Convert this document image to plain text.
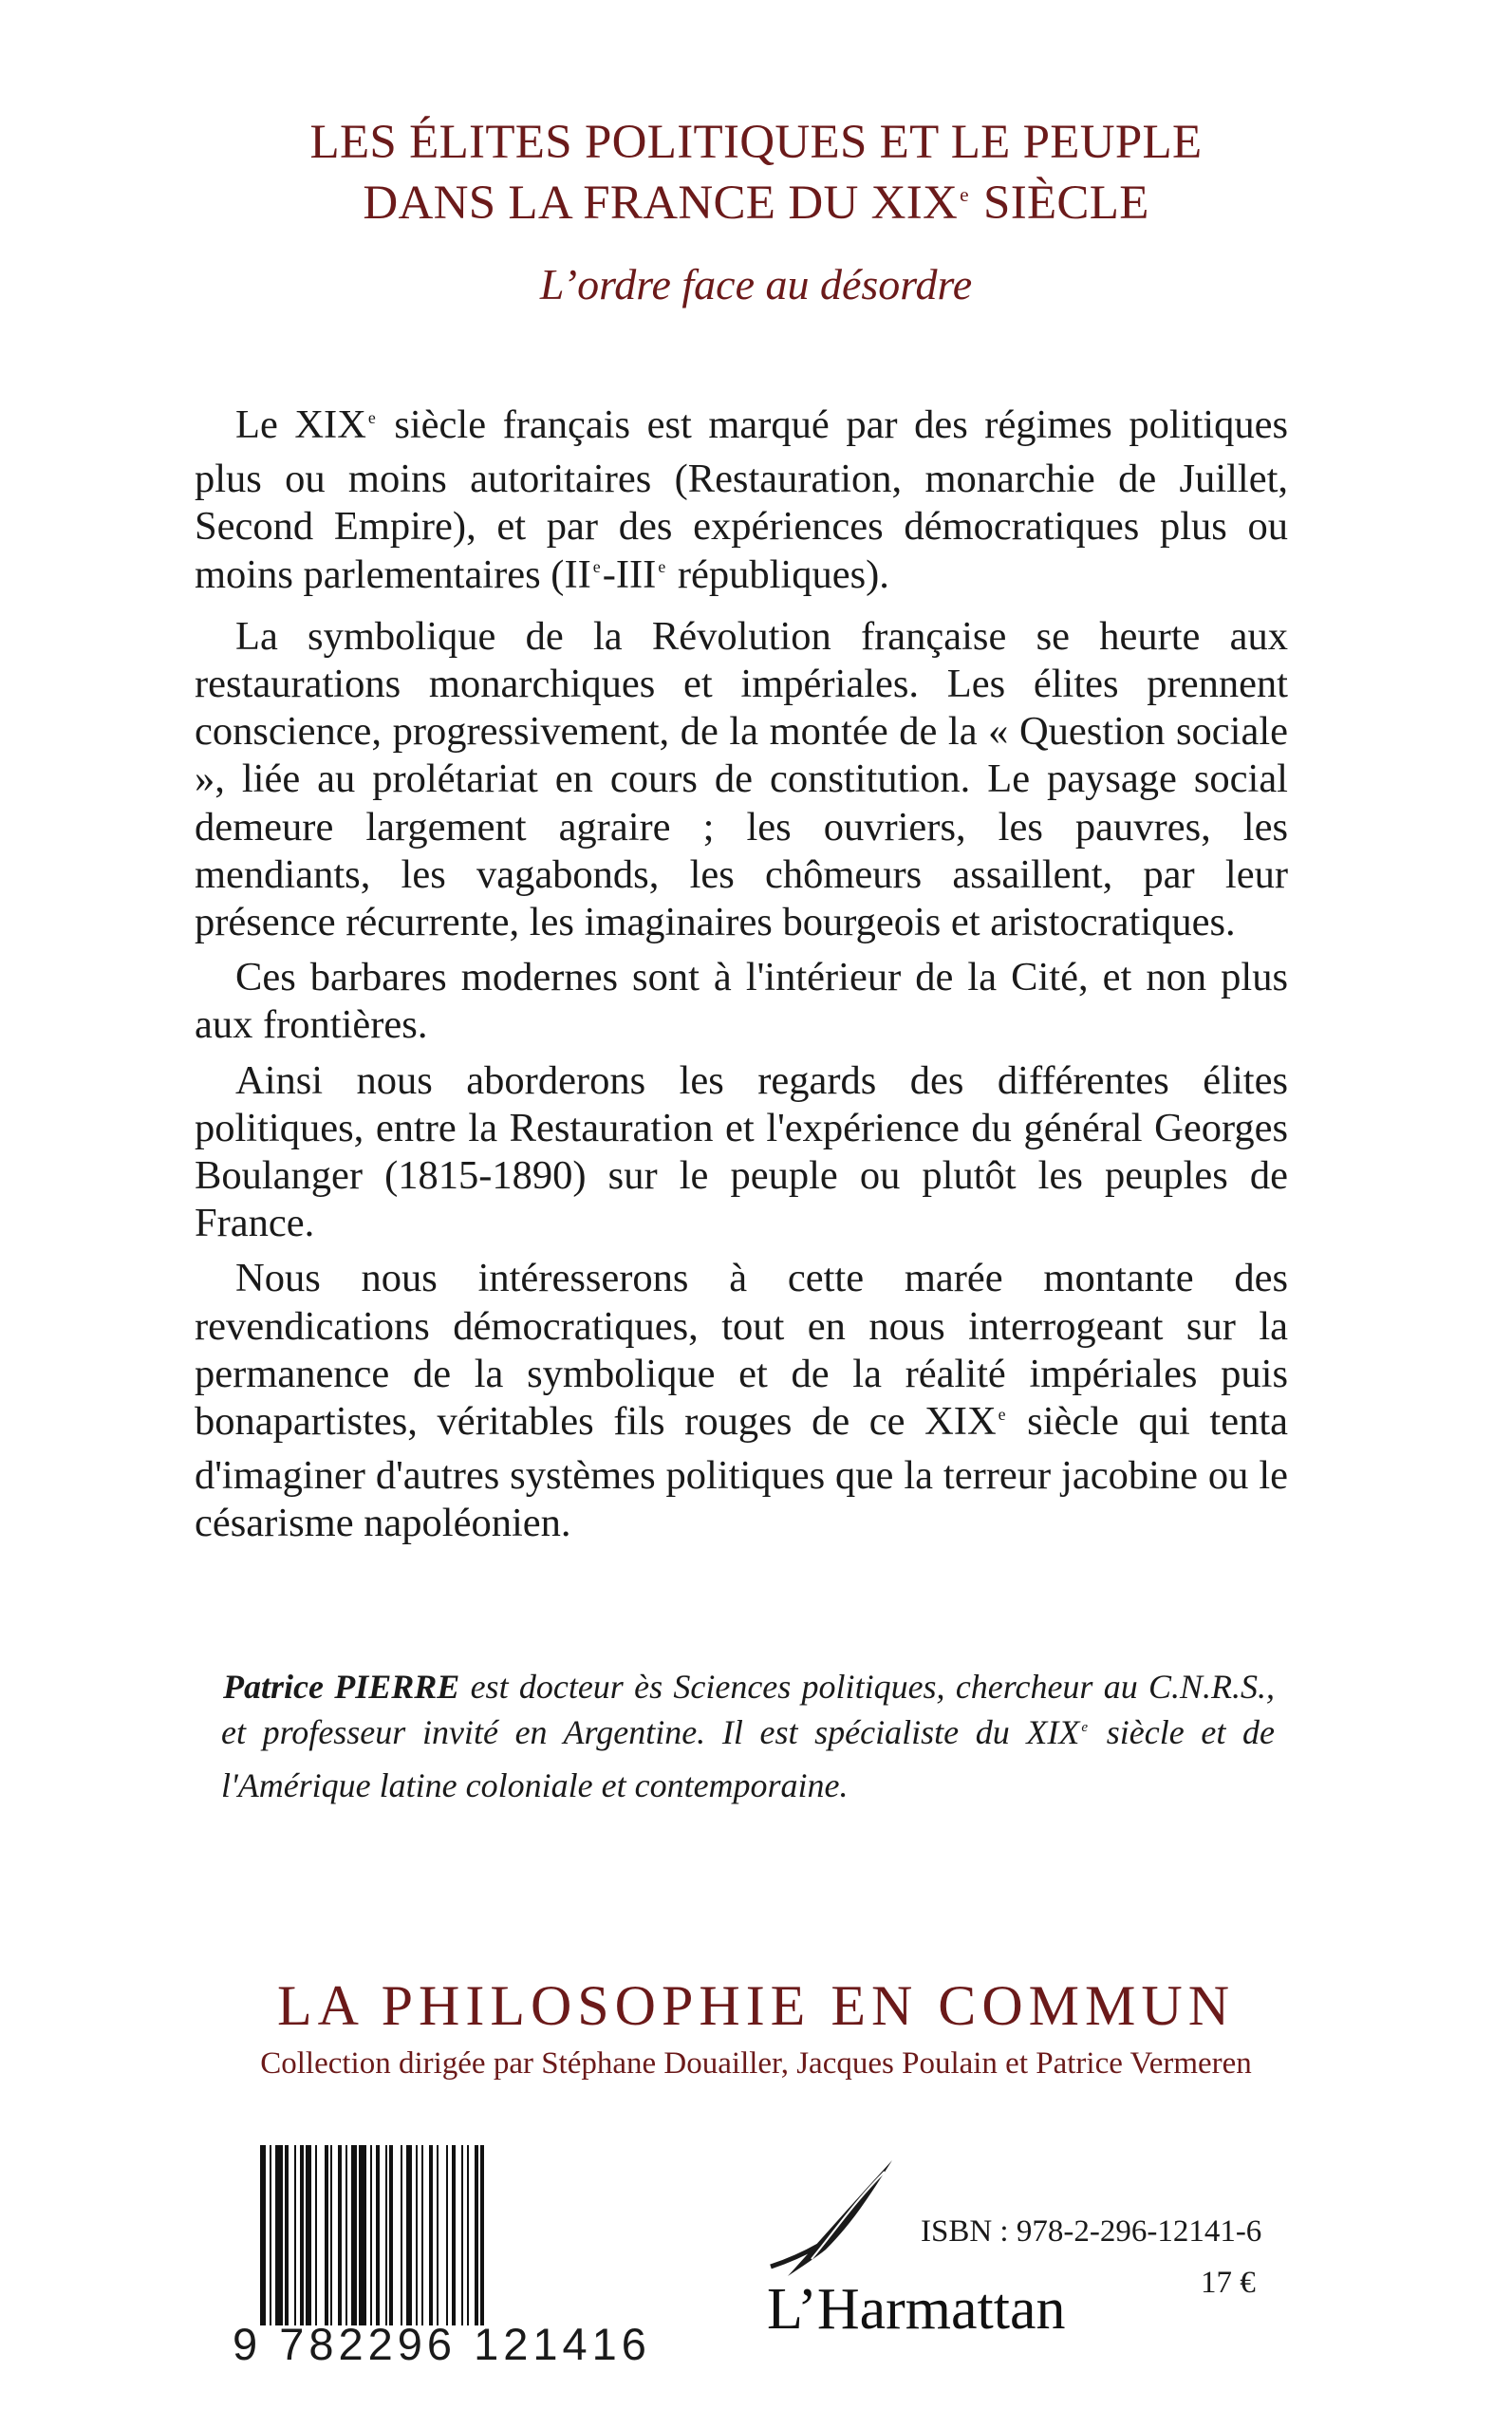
LES ÉLITES POLITIQUES ET LE PEUPLE
DANS LA FRANCE DU XIXe SIÈCLE
L’ordre face au désordre

Le XIX $^e$ siècle français est marqué par des régimes politiques plus ou moins autoritaires (Restauration, monarchie de Juillet, Second Empire), et par des expériences démocratiques plus ou moins parlementaires (II $^e$-III $^e$ républiques).

La symbolique de la Révolution française se heurte aux restaurations monarchiques et impériales. Les élites prennent conscience, progressivement, de la montée de la « Question sociale », liée au prolétariat en cours de constitution. Le paysage social demeure largement agraire ; les ouvriers, les pauvres, les mendiants, les vagabonds, les chômeurs assaillent, par leur présence récurrente, les imaginaires bourgeois et aristocratiques.

Ces barbares modernes sont à l'intérieur de la Cité, et non plus aux frontières.

Ainsi nous aborderons les regards des différentes élites politiques, entre la Restauration et l'expérience du général Georges Boulanger (1815-1890) sur le peuple ou plutôt les peuples de France.

Nous nous intéresserons à cette marée montante des revendications démocratiques, tout en nous interrogeant sur la permanence de la symbolique et de la réalité impériales puis bonapartistes, véritables fils rouges de ce XIX $^e$ siècle qui tenta d'imaginer d'autres systèmes politiques que la terreur jacobine ou le césarisme napoléonien.

Patrice PIERRE est docteur ès Sciences politiques, chercheur au C.N.R.S., et professeur invité en Argentine. Il est spécialiste du XIX $^e$ siècle et de l'Amérique latine coloniale et contemporaine.
LA PHILOSOPHIE EN COMMUN
Collection dirigée par Stéphane Douailler, Jacques Poulain et Patrice Vermeren
9 782296 121416
L’Harmattan
ISBN : 978-2-296-12141-6
17 €
